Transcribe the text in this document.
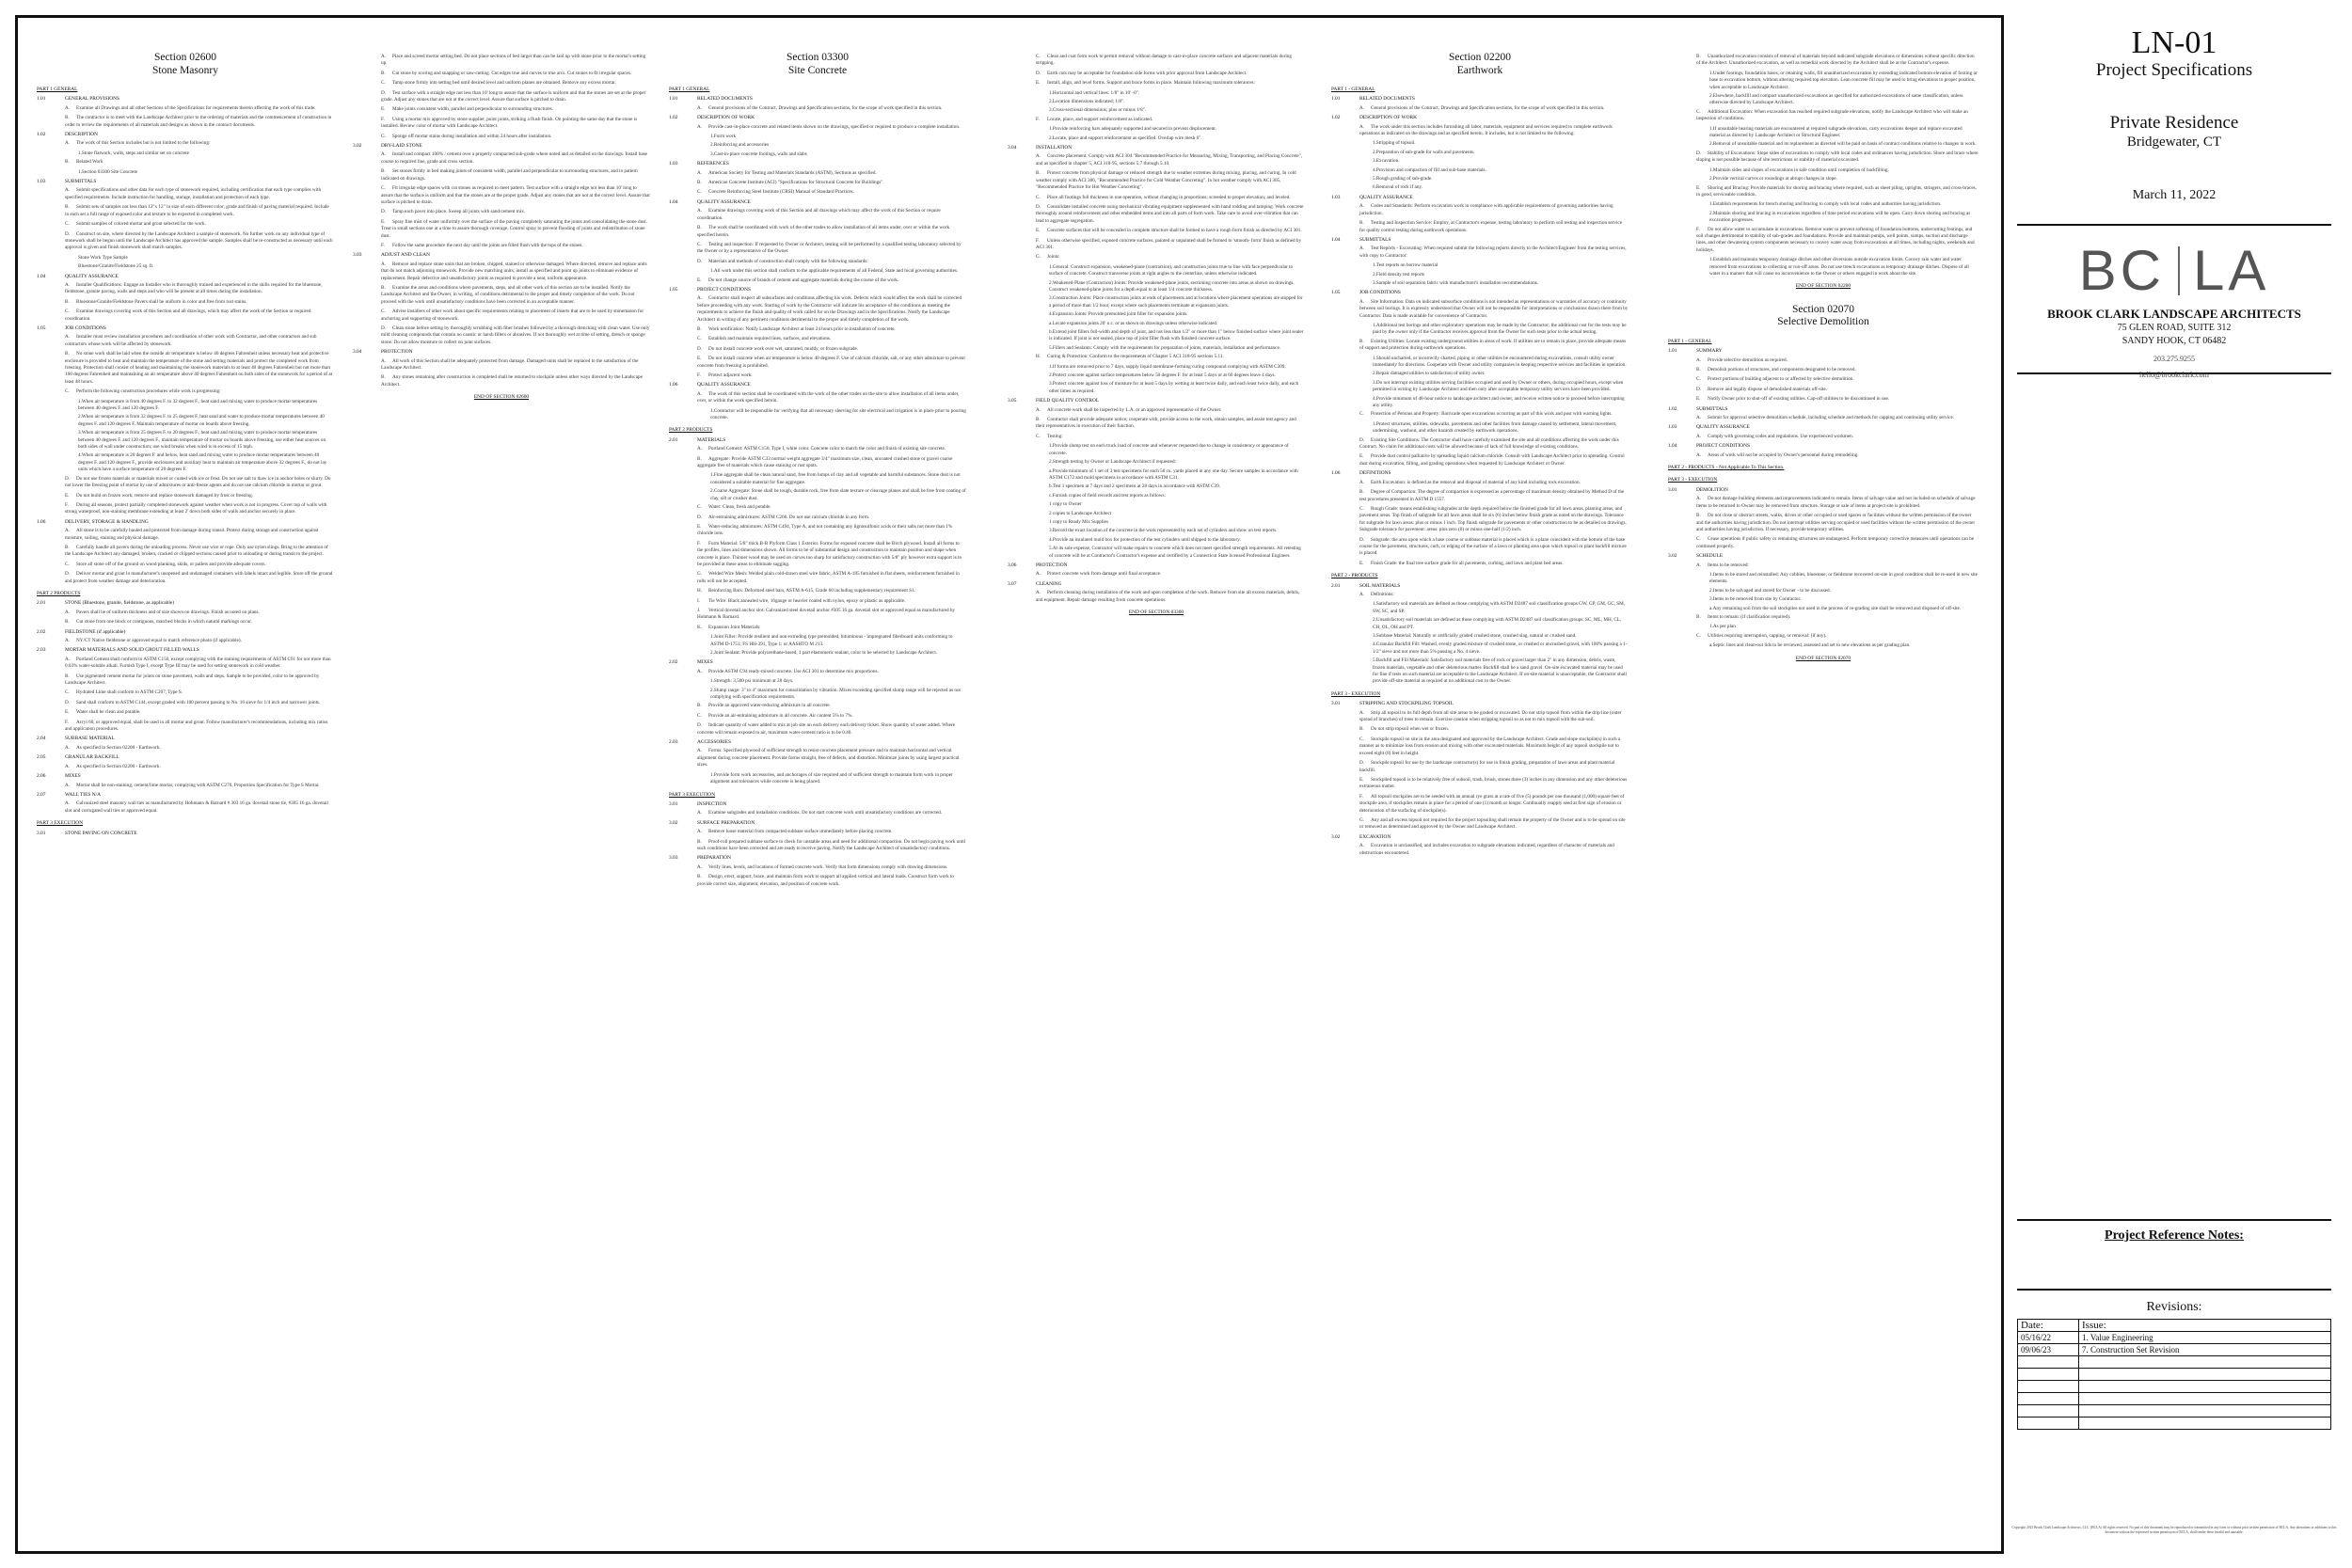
Section 02600
Stone Masonry
PART 1 GENERAL
1.01	GENERAL PROVISIONS
A. Examine all Drawings and all other Sections of the Specifications for requirements therein affecting the work of this trade.
B. The contractor is to meet with the Landscape Architect prior to the ordering of materials and the commencement of construction in order to review the requirements of all materials and designs as shown in the contract documents.
1.02	DESCRIPTION
A. The work of this Section includes but is not limited to the following:
1.Stone flatwork, walls, steps and similar set on concrete
B. Related Work
1.Section 03300 Site Concrete
1.03	SUBMITTALS
A. Submit specifications and other data for each type of stonework required, including certification that each type complies with specified requirements. Include instruction for handling, storage, installation and protection of each type.
B. Submit sets of samples not less than 12"x 12" in size of each different color, grade and finish of paving material required. Include in each set a full range of exposed color and texture to be expected in completed work.
C. Submit samples of colored mortar and grout selected for the work.
D. Construct on site, where directed by the Landscape Architect a sample of stonework. No further work on any individual type of stonework shall be begun until the Landscape Architect has approved the sample. Samples shall be re-constructed as necessary until each approval is given and finish stonework shall match samples.
Stone Work Type Sample
Bluestone/Granite/Fieldstone 25 sq. ft.
1.04	QUALITY ASSURANCE
A. Installer Qualifications: Engage an Installer who is thoroughly trained and experienced in the skills required for the bluestone, fieldstone, granite paving, walls and steps and who will be present at all times during the installation.
B. Bluestone/Granite/Fieldstone Pavers shall be uniform in color and free from rust stains.
C. Examine drawings covering work of this Section and all drawings, which may affect the work of the Section or required coordination.
1.05	JOB CONDITIONS
A. Installer must review installation procedures and coordination of other work with Contractor, and other contractors and sub contractors whose work will be affected by stonework.
B. No stone work shall be laid when the outside air temperature is below 40 degrees Fahrenheit unless necessary heat and protective enclosure is provided to heat and maintain the temperature of the stone and setting materials and protect the completed work from freezing. Protection shall consist of heating and maintaining the stonework materials to at least 40 degrees Fahrenheit but not more than 160 degrees Fahrenheit and maintaining an air temperature above 40 degrees Fahrenheit on both sides of the stonework for a period of at least 48 hours.
C. Perform the following construction procedures while work is progressing:
1.When air temperature is from 40 degrees F. to 32 degrees F., heat sand and mixing water to produce mortar temperatures between 40 degrees F. and 120 degrees F.
2.When air temperature is from 32 degrees F. to 25 degrees F. heat sand and water to produce mortar temperatures between 40 degrees F. and 120 degrees F. Maintain temperature of mortar on boards above freezing.
3.When air temperature is from 25 degrees F. to 20 degrees F., heat sand and mixing water to produce mortar temperatures between 40 degrees F. and 120 degrees F., maintain temperature of mortar on boards above freezing, use either heat sources on both sides of wall under construction; use wind breaks when wind is in excess of 15 mph.
4.When air temperature is 20 degrees F. and below, heat sand and mixing water to produce mortar temperatures between 40 degrees F. and 120 degrees F., provide enclosures and auxiliary heat to maintain air temperature above 32 degrees F., do not lay units which have a surface temperature of 20 degrees F.
D. Do not use frozen materials or materials mixed or coated with ice or frost. Do not use salt to thaw ice in anchor holes or slurry. Do not lower the freezing point of mortar by use of admixtures or anti-freeze agents and do not use calcium chloride in mortar or grout.
E. Do not build on frozen work; remove and replace stonework damaged by frost or freezing.
F. During all seasons, protect partially completed stonework against weather when work is not in progress. Cover top of walls with strong waterproof, non-staining membrane extending at least 2' down both sides of walls and anchor securely in place.
1.06	DELIVERY, STORAGE & HANDLING
A. All stone is to be carefully hauled and protected from damage during transit. Protect during storage and construction against moisture, soiling, staining and physical damage.
B. Carefully handle all pavers during the unloading process. Never use wire or rope. Only use nylon slings. Bring to the attention of the Landscape Architect any damaged, broken, cracked or chipped sections caused prior to unloading or during transit to the project.
C. Store all stone off of the ground on wood planking, skids, or pallets and provide adequate covers.
D. Deliver mortar and grout in manufacturer's unopened and undamaged containers with labels intact and legible. Store off the ground and protect from weather damage and deterioration.
PART 2 PRODUCTS
2.01	STONE (Bluestone, granite, fieldstone, as applicable)
A. Pavers shall be of uniform thickness and of size shown on drawings. Finish as noted on plans.
B. Cut stone from one block or contiguous, matched blocks in which natural markings occur.
2.02	FIELDSTONE (if applicable)
A. NY/CT Native fieldstone or approved equal to match reference photo (if applicable).
2.03	MORTAR MATERIALS AND SOLID GROUT FILLED WALLS
A. Portland Cement shall conform to ASTM C150, except complying with the staining requirements of ASTM C91 for not more than 0.03% water-soluble alkali. Furnish Type I, except Type III may be used for setting stonework in cold weather.
B. Use pigmented cement mortar for joints on stone pavement, walls and steps. Sample to be provided, color to be approved by Landscape Architect.
C. Hydrated Lime shall conform to ASTM C207, Type S.
D. Sand shall conform to ASTM C144, except graded with 100 percent passing to No. 16 sieve for 1/4 inch and narrower joints.
E. Water shall be clean and potable.
F. Acryl 60, or approved equal, shall be used in all mortar and grout. Follow manufacturer's recommendations, including mix ratios and application procedures.
2.04	SUBBASE MATERIAL
A. As specified in Section 02200 - Earthwork.
2.05	GRANULAR BACKFILL
A. As specified in Section 02200 - Earthwork.
2.06	MIXES
A. Mortar shall be non-staining, cement/lime mortar, complying with ASTM C270, Proportion Specification for Type S Mortar.
2.07	WALL TIES N/A
A. Galvanized steel masonry wall ties as manufactured by Hohmann & Barnard # 303 16 ga. dovetail stone tie, #305 16 ga. dovetail slot and corrugated wall ties or approved equal.
PART 3 EXECUTION
3.01	STONE PAVING ON CONCRETE
A. Place and screed mortar setting bed. Do not place sections of bed larger than can be laid up with stone prior to the mortar's setting up.
B. Cut stone by scoring and snapping or saw-cutting. Cut edges true and curves to true arcs. Cut stones to fit irregular spaces.
C. Tamp stone firmly into setting bed until desired level and uniform planes are obtained. Remove any excess mortar.
D. Test surface with a straight edge not less than 10' long to assure that the surface is uniform and that the stones are set at the proper grade. Adjust any stones that are not at the correct level. Assure that surface is pitched to drain.
E. Make joints consistent width, parallel and perpendicular to surrounding structures.
F. Using a mortar mix approved by stone supplier, point joints, striking a flush finish. On pointing the same day that the stone is installed. Review color of mortar with Landscape Architect.
G. Sponge off mortar stains during installation and within 24 hours after installation.
3.02	DRY-LAID STONE
A. Install and compact 100% / cement over a properly compacted sub-grade where noted and as detailed on the drawings. Install base course to required line, grade and cross section.
B. Set stones firmly in bed making joints of consistent width, parallel and perpendicular to surrounding structures, and in pattern indicated on drawings.
C. Fit irregular edge spaces with cut stones as required to meet pattern. Test surface with a straight edge not less than 10' long to assure that the surface is uniform and that the stones are at the proper grade. Adjust any stones that are not at the correct level. Assure that surface is pitched to drain.
D. Tamp each paver into place. Sweep all joints with sand/cement mix.
E. Spray fine mist of water uniformly over the surface of the paving completely saturating the joints and consolidating the stone dust. Treat in small sections one at a time to assure thorough coverage. Control spray to prevent flooding of joints and redistribution of stone dust.
F. Follow the same procedure the next day until the joints are filled flush with the tops of the stones.
3.03	ADJUST AND CLEAN
A. Remove and replace stone units that are broken, chipped, stained or otherwise damaged. Where directed, remove and replace units that do not match adjoining stonework. Provide new matching units; install as specified and point up joints to eliminate evidence of replacement. Repair defective and unsatisfactory joints as required to provide a neat, uniform appearance.
B. Examine the areas and conditions where pavements, steps, and all other work of this section are to be installed. Notify the Landscape Architect and the Owner, in writing, of conditions detrimental to the proper and timely completion of the work. Do not proceed with the work until unsatisfactory conditions have been corrected in an acceptable manner.
C. Advise installers of other work about specific requirements relating to placement of inserts that are to be used by stonemason for anchoring and supporting of stonework.
D. Clean stone before setting by thoroughly scrubbing with fiber brushes followed by a thorough drenching with clean water. Use only mild cleaning compounds that contain no caustic or harsh fillers or abrasives. If not thoroughly wet at time of setting, drench or sponge stone. Do not allow moisture to collect on joint surfaces.
3.04	PROTECTION
A. All work of this Section shall be adequately protected from damage. Damaged units shall be replaced to the satisfaction of the Landscape Architect.
B. Any stones remaining after construction is completed shall be returned to stockpile unless other ways directed by the Landscape Architect.
END OF SECTION 02600
Section 03300
Site Concrete
PART 1 GENERAL
1.01	RELATED DOCUMENTS
A. General provisions of the Contract, Drawings and Specification sections, for the scope of work specified in this section.
1.02	DESCRIPTION OF WORK
A. Provide cast-in-place concrete and related items shown on the drawings, specified or required to produce a complete installation.
1.Form work
2.Reinforcing and accessories
3.Cast-in-place concrete footings, walls and slabs
1.03	REFERENCES
A. American Society for Testing and Materials Standards (ASTM), Sections as specified.
B. American Concrete Institute (ACI) "Specifications for Structural Concrete for Buildings".
C. Concrete Reinforcing Steel Institute (CRSI) Manual of Standard Practices.
1.04	QUALITY ASSURANCE
A. Examine drawings covering work of this Section and all drawings which may affect the work of this Section or require coordination.
B. The work shall be coordinated with work of the other trades to allow installation of all items under, over or within the work specified herein.
C. Testing and inspection: If requested by Owner or Architect, testing will be performed by a qualified testing laboratory selected by the Owner or by a representative of the Owner.
D. Materials and methods of construction shall comply with the following standards:
1.All work under this section shall conform to the applicable requirements of all Federal, State and local governing authorities.
E. Do not change source of brands of cement and aggregate materials during the course of the work.
1.05	PROJECT CONDITIONS
A. Contractor shall inspect all subsurfaces and conditions affecting his work. Defects which would affect the work shall be corrected before proceeding with any work. Starting of work by the Contractor will indicate his acceptance of the conditions as meeting the requirements to achieve the finish and quality of work called for on the Drawings and in the Specifications. Notify the Landscape Architect in writing of any pertinent conditions detrimental to the proper and timely completion of the work.
B. Work notification: Notify Landscape Architect at least 24 hours prior to installation of concrete.
C. Establish and maintain required lines, surfaces, and elevations.
D. Do not install concrete work over wet, saturated, muddy, or frozen subgrade.
E. Do not install concrete when air temperature is below 40 degrees F. Use of calcium chloride, salt, or any other admixture to prevent concrete from freezing is prohibited.
F. Protect adjacent work.
1.06	QUALITY ASSURANCE
A. The work of this section shall be coordinated with the work of the other trades on the site to allow installation of all items under, over, or within the work specified herein.
1.Contractor will be responsible for verifying that all necessary sleeving for site electrical and irrigation is in place prior to pouring concrete.
PART 2 PRODUCTS
2.01	MATERIALS
A. Portland Cement: ASTM C150, Type I, white color. Concrete color to match the color and finish of existing site concrete.
B. Aggregate: Provide ASTM C33 normal weight aggregate 3/4" maximum size, clean, uncoated crushed stone or gravel coarse aggregate free of materials which cause staining or rust spots.
1.Fine aggregate shall be clean natural sand, free from lumps of clay and all vegetable and harmful substances. Stone dust is not considered a suitable material for fine aggregate.
2.Coarse Aggregate: Stone shall be tough, durable rock, free from slate texture or cleavage planes and shall be free from coating of clay, silt or crusher dust.
C. Water: Clean, fresh and potable.
D. Air-entraining admixtures: ASTM C260. Do not use calcium chloride in any form.
E. Water-reducing admixtures: ASTM C494, Type A, and not containing any lignosulfonic acids or their salts not more than 1% chloride ions.
F. Form Material: 5/8" thick B-B Plyform Class 1 Exterior. Forms for exposed concrete shall be Birch plywood. Install all forms to the profiles, lines and dimensions shown. All forms to be of substantial design and construction to maintain position and shape when concrete is place. Thinner wood may be used on curves too sharp for satisfactory construction with 5/8" ply however extra support is to be provided at these areas to eliminate sagging.
G. Welded Wire Mesh: Welded plain cold-drawn steel wire fabric, ASTM A-185 furnished in flat sheets, reinforcement furnished in rolls will not be accepted.
H. Reinforcing Bars: Deformed steel bars, ASTM A-615, Grade 60 including supplementary requirement S1.
I. Tie Wire: Black annealed wire, 16gauge or heavier coated with nylon, epoxy or plastic as applicable.
J. Vertical dovetail anchor slot: Galvanized steel dovetail anchor #305 16 ga. dovetail slot or approved equal as manufactured by Hohmann & Barnard.
K. Expansion Joint Materials:
1.Joint Filler: Provide resilient and non extruding type premolded, bituminous - impregnated fiberboard units conforming to ASTM D-1751; FS HH-391, Type 1; or AASHTO M 213.
2.Joint Sealant: Provide polyurethane-based, 1 part elastomeric sealant, color to be selected by Landscape Architect.
2.02	MIXES
A. Provide ASTM C94 ready-mixed concrete. Use ACI 301 to determine mix proportions.
1.Strength: 3,500 psi minimum at 28 days.
2.Slump range: 3" to 4" maximum for consolidation by vibration. Mixes exceeding specified slump range will be rejected as not complying with specification requirements.
B. Provide an approved water-reducing admixture in all concrete.
C. Provide an air-entraining admixture in all concrete. Air content 5% to 7%.
D. Indicate quantity of water added to mix at job site on each delivery each delivery ticket. Show quantity of water added. Where concrete will remain exposed to air, maximum water-cement ratio is to be 0.40.
2.03	ACCESSORIES
A. Forms: Specified plywood of sufficient strength to resist concrete placement pressure and to maintain horizontal and vertical alignment during concrete placement. Provide forms straight, free of defects, and distortion. Minimize joints by using largest practical sizes.
1.Provide form work accessories, and anchorages of size required and of sufficient strength to maintain form work in proper alignment and tolerances while concrete is being placed.
PART 3 EXECUTION
3.01	INSPECTION
A. Examine subgrades and installation conditions. Do not start concrete work until unsatisfactory conditions are corrected.
3.02	SURFACE PREPARATION
A. Remove loose material from compacted subbase surface immediately before placing concrete.
B. Proof-roll prepared subbase surface to check for unstable areas and need for additional compaction. Do not begin paving work until such conditions have been corrected and are ready to receive paving. Notify the Landscape Architect of unsatisfactory conditions.
3.03	PREPARATION
A. Verify lines, levels, and locations of formed concrete work. Verify that form dimensions comply with drawing dimensions.
B. Design, erect, support, brace, and maintain form work to support all applied vertical and lateral loads. Construct form work to provide correct size, alignment, elevation, and position of concrete work.
C. Clean and coat form work to permit removal without damage to cast-in-place concrete surfaces and adjacent materials during stripping.
D. Earth cuts may be acceptable for foundation side forms with prior approval from Landscape Architect.
E. Install, align, and level forms. Support and brace forms in place. Maintain following maximum tolerances:
1.Horizontal and vertical lines: 1/8" in 10' -0".
2.Location dimensions indicated; 1/8".
3.Cross-sectional dimensions; plus or minus 1/8".
F. Locate, place, and support reinforcement as indicated.
1.Provide reinforcing bars adequately supported and secured to prevent displacement.
2.Locate, place and support reinforcement as specified. Overlap wire mesh 6".
3.04	INSTALLATION
A. Concrete placement: Comply with ACI 304 "Recommended Practice for Measuring, Mixing, Transporting, and Placing Concrete", and as specified in chapter 5, ACI 318-95, sections 5.7 through 5.10.
B. Protect concrete from physical damage or reduced strength due to weather extremes during mixing, placing, and curing. In cold weather comply with ACI 306, "Recommended Practice for Cold Weather Concreting". In hot weather comply with ACI 305, "Recommended Practice for Hot Weather Concreting".
C. Place all footings full thickness in one operation, without changing in proportions; screeded to proper elevation; and leveled.
D. Consolidate installed concrete using mechanical vibrating equipment supplemented with hand rodding and tamping. Work concrete thoroughly around reinforcement and other embedded items and into all parts of form work. Take care to avoid over-vibration that can lead to aggregate segregation.
E. Concrete surfaces that will be concealed in complete structure shall be formed to have a rough form finish as directed by ACI 301.
F. Unless otherwise specified, exposed concrete surfaces, painted or unpainted shall be formed to 'smooth- form' finish as defined by ACI 301.
G. Joints:
1.General: Construct expansion, weakened-plane (contraction), and construction joints true to line with face perpendicular to surface of concrete. Construct transverse joints at right angles to the centerline, unless otherwise indicated.
2.Weakened-Plane (Contraction) Joints: Provide weakened-plane joints, sectioning concrete into areas as shown on drawings. Construct weakened-plane joints for a depth equal to at least 1/4 concrete thickness.
3.Construction Joints: Place construction joints at ends of placements and at locations where placement operations are stopped for a period of more than 1/2 hour, except where such placements terminate at expansion joints.
4.Expansion Joints: Provide premolded joint filler for expansion joints.
a.Locate expansion joints 20' o.c. or as shown on drawings unless otherwise indicated.
b.Extend joint fillers full-width and depth of joint, and not less than 1/2" or more than 1" below finished surface where joint sealer is indicated. If joint is not sealed, place top of joint filler flush with finished concrete surface.
5.Fillers and Sealants: Comply with the requirements for preparation of joints, materials, installation and performance.
H. Curing & Protection: Conform to the requirements of Chapter 5 ACI 318-95 sections 5.11.
1.If forms are removed prior to 7 days, supply liquid membrane-forming curing compound complying with ASTM C309.
2.Protect concrete against surface temperatures below 50 degrees F. for at least 5 days or at 60 degrees leave 4 days.
3.Protect concrete against loss of moisture for at least 5 days by wetting at least twice daily, and each least twice daily, and each other times as required.
3.05	FIELD QUALITY CONTROL
A. All concrete work shall be inspected by L.A. or an approved representative of the Owner.
B. Contractor shall provide adequate notice, cooperate with, provide access to the work, obtain samples, and assist test agency and their representatives in execution of their function.
C. Testing:
1.Provide slump test on each truck load of concrete and whenever requested due to change in consistency or appearance of concrete.
2.Strength testing by Owner or Landscape Architect if requested:
a.Provide minimum of 1 set of 3 test specimens for each 50 cu. yards placed in any one day. Secure samples in accordance with ASTM C172 and mold specimens in accordance with ASTM C31.
b.Test 1 specimen at 7 days and 2 specimens at 28 days in accordance with ASTM C39.
c.Furnish copies of field records and test reports as follows:
1 copy to Owner
2 copies to Landscape Architect
1 copy to Ready Mix Supplies
3.Record the exact location of the concrete in the work represented by each set of cylinders and show on test reports.
4.Provide an insulated mold box for protection of the test cylinders until shipped to the laboratory.
5.At its sole expense, Contractor will make repairs to concrete which does not meet specified strength requirements. All retesting of concrete will be at Contractor's Contractor's expense and certified by a Connecticut State licensed Professional Engineer.
3.06	PROTECTION
A. Protect concrete work from damage until final acceptance.
3.07	CLEANING
A. Perform cleaning during installation of the work and upon completion of the work. Remove from site all excess materials, debris, and equipment. Repair damage resulting from concrete operations.
END OF SECTION 03300
Section 02200
Earthwork
PART 1 - GENERAL
1.01	RELATED DOCUMENTS
A. General provisions of the Contract, Drawings and Specification sections, for the scope of work specified in this section.
1.02	DESCRIPTION OF WORK
A. The work under this section includes furnishing all labor, materials, equipment and services required to complete earthwork operations as indicated on the drawings and as specified herein. It includes, but is not limited to the following:
1.Stripping of topsoil.
2.Preparation of sub-grade for walls and pavements.
3.Excavation.
4.Provision and compaction of fill and sub-base materials.
5.Rough grading of sub-grade.
6.Removal of rock if any.
1.03	QUALITY ASSURANCE
A. Codes and Standards: Perform excavation work in compliance with applicable requirements of governing authorities having jurisdiction.
B. Testing and Inspection Service: Employ, at Contractor's expense, testing laboratory to perform soil testing and inspection service for quality control testing during earthwork operations.
1.04	SUBMITTALS
A. Test Reports - Excavating: When required submit the following reports directly to the Architect/Engineer from the testing services, with copy to Contractor:
1.Test reports on borrow material
2.Field density test reports
3.Sample of soil separation fabric with manufacturer's installation recommendations.
1.05	JOB CONDITIONS
A. Site Information: Data on indicated subsurface conditions is not intended as representations or warranties of accuracy or continuity between soil borings. It is expressly understood that Owner will not be responsible for interpretations or conclusions drawn there from by Contractor. Data is made available for convenience of Contractor.
1.Additional test borings and other exploratory operations may be made by the Contractor; the additional cost for the tests may be paid by the owner only if the Contractor receives approval from the Owner for such tests prior to the actual testing.
B. Existing Utilities: Locate existing underground utilities in areas of work. If utilities are to remain in place, provide adequate means of support and protection during earthwork operations.
1.Should uncharted, or incorrectly charted, piping or other utilities be encountered during excavations, consult utility owner immediately for directions. Cooperate with Owner and utility companies in keeping respective services and facilities in operation.
2.Repair damaged utilities to satisfaction of utility owner.
3.Do not interrupt existing utilities serving facilities occupied and used by Owner or others, during occupied hours, except when permitted in writing by Landscape Architect and then only after acceptable temporary utility services have been provided.
4.Provide minimum of 48-hour notice to landscape architect and owner, and receive written notice to proceed before interrupting any utility.
C. Protection of Persons and Property: Barricade open excavations occurring as part of this work and post with warning lights.
1.Protect structures, utilities, sidewalks, pavements and other facilities from damage caused by settlement, lateral movement, undermining, washout, and other hazards created by earthwork operations.
D. Existing Site Conditions: The Contractor shall have carefully examined the site and all conditions affecting the work under this Contract. No claim for additional costs will be allowed because of lack of full knowledge of existing conditions.
E. Provide dust control palliative by spreading liquid calcium chloride. Consult with Landscape Architect prior to spreading. Control dust during excavation, filling, and grading operations when requested by Landscape Architect or Owner.
1.06	DEFINITIONS
A. Earth Excavation: is defined as the removal and disposal of material of any kind including rock excavation.
B. Degree of Compaction: The degree of compaction is expressed as a percentage of maximum density obtained by Method D of the test procedures presented in ASTM D 1557.
C. Rough Grade: means establishing subgrades at the depth required below the finished grade for all lawn areas, planting areas, and pavement areas. Top finish of subgrade for all lawn areas shall be six (6) inches below finish grade as noted on the drawings. Tolerance for subgrade for lawn areas: plus or minus 1 inch. Top finish subgrade for pavements or other construction to be as detailed on drawings. Subgrade tolerance for pavement: areas: plus zero (0) or minus one-half (1/2) inch.
D. Subgrade: the area upon which a base course or subbase material is placed which is a plane coincident with the bottom of the base course for the pavement, structures, curb, or edging of the surface of a lawn or planting area upon which topsoil or plant backfill mixture is placed.
E. Finish Grade: the final tree surface grade for all pavements, curbing, and lawn and plant bed areas.
PART 2 - PRODUCTS
2.01	SOIL MATERIALS
A. Definitions:
1.Satisfactory soil materials are defined as those complying with ASTM D2487 soil classification groups GW, GP, GM, GC, SM, SW, SC, and SP.
2.Unsatisfactory soil materials are defined as those complying with ASTM D2487 soil classification groups: SC, ML, MH, CL, CH, OL, OH and PT.
3.Subbase Material: Naturally or artificially graded crushed stone, crushed slag, natural or crushed sand.
4.Granular Backfill Fill: Washed, evenly graded mixture of crushed stone, or crushed or uncrushed gravel, with 100% passing a 1-1/2" sieve and not more than 5% passing a No. 4 sieve.
5.Backfill and Fill Materials: Satisfactory soil materials free of rock or gravel larger than 2" in any dimension, debris, waste, frozen materials, vegetable and other deleterious matter. Backfill shall be a sand gravel. On-site excavated material may be used for fine if tests on such material are acceptable to the Landscape Architect. If on-site material is unacceptable, the Contractor shall provide off-site material as required at no additional cost to the Owner.
PART 3 - EXECUTION
3.01	STRIPPING AND STOCKPILING TOPSOIL
A. Strip all topsoil to its full depth from all site areas to be graded or excavated. Do not strip topsoil from within the drip line (outer spread of branches) of trees to remain. Exercise caution when stripping topsoil so as not to mix topsoil with the sub-soil.
B. Do not strip topsoil when wet or frozen.
C. Stockpile topsoil on site in the area designated and approved by the Landscape Architect. Grade and slope stockpile(s) in such a manner as to minimize loss from erosion and mixing with other excavated materials. Maximum height of any topsoil stockpile not to exceed eight (8) feet in height.
D. Stockpile topsoil for use by the landscape contractor(s) for use in finish grading, preparation of lawn areas and plant material backfill.
E. Stockpiled topsoil is to be relatively free of subsoil, trash, brush, stones three (3) inches in any dimension and any other deleterious extraneous matter.
F. All topsoil stockpiles are to be seeded with an annual rye grass at a rate of five (5) pounds per one thousand (1,000) square feet of stockpile area, if stockpiles remain in place for a period of one (1) month or longer. Continually reapply seed at first sign of erosion or deterioration of the surfacing of stockpile(s).
G. Any and all excess topsoil not required for the project topsoiling shall remain the property of the Owner and is to be spread on site or removed as determined and approved by the Owner and Landscape Architect.
3.02	EXCAVATION
A. Excavation is unclassified, and includes excavation to subgrade elevations indicated, regardless of character of materials and obstructions encountered.
B. Unauthorized excavation consists of removal of materials beyond indicated subgrade elevations or dimensions without specific direction of the Architect. Unauthorized excavation, as well as remedial work directed by the Architect shall be at the Contractor's expense.
1.Under footings, foundation bases, or retaining walls, fill unauthorized excavation by extending indicated bottom elevation of footing or base to excavation bottom, without altering required top elevation. Lean concrete fill may be used to bring elevations to proper position, when acceptable to Landscape Architect.
2.Elsewhere, backfill and compact unauthorized excavations as specified for authorized excavations of same classification, unless otherwise directed by Landscape Architect.
C. Additional Excavation: When excavation has reached required subgrade elevations, notify the Landscape Architect who will make an inspection of conditions.
1.If unsuitable bearing materials are encountered at required subgrade elevations, carry excavations deeper and replace excavated material as directed by Landscape Architect or Structural Engineer.
2.Removal of unsuitable material and its replacement as directed will be paid on basis of contract conditions relative to changes in work.
D. Stability of Excavations: Slope sides of excavations to comply with local codes and ordinances having jurisdiction. Shore and brace where sloping is not possible because of site restrictions or stability of material excavated.
1.Maintain sides and slopes of excavations in safe condition until completion of backfilling.
2.Provide vertical curves or roundings at abrupt changes in slope.
E. Shoring and Bracing: Provide materials for shoring and bracing where required, such as sheet piling, uprights, stringers, and cross-braces, in good, serviceable condition.
1.Establish requirements for trench shoring and bracing to comply with local codes and authorities having jurisdiction.
2.Maintain shoring and bracing in excavations regardless of time period excavations will be open. Carry down shoring and bracing as excavation progresses.
F. Do not allow water to accumulate in excavations. Remove water to prevent softening of foundation bottoms, undercutting footings, and soil changes detrimental to stability of sub-grades and foundations. Provide and maintain pumps, well points, sumps, suction and discharge lines, and other dewatering system components necessary to convey water away from excavations at all times, including nights, weekends and holidays.
1.Establish and maintain temporary drainage ditches and other diversions outside excavation limits. Convey rain water and water removed from excavations to collecting or run-off areas. Do not use trench excavations as temporary drainage ditches. Dispose of all water in a manner that will cause no inconvenience to the Owner or others engaged in work about the site.
END OF SECTION 02200
Section 02070
Selective Demolition
PART 1 - GENERAL
1.01	SUMMARY
A. Provide selective demolition as required.
B. Demolish portions of structures, and components designated to be removed.
C. Protect portions of building adjacent to or affected by selective demolition.
D. Remove and legally dispose of demolished materials off-site.
E. Notify Owner prior to shut-off of existing utilities. Cap-off utilities to be discontinued in use.
1.02	SUBMITTALS
A. Submit for approval selective demolition schedule, including schedule and methods for capping and continuing utility service.
1.03	QUALITY ASSURANCE
A. Comply with governing codes and regulations. Use experienced workmen.
1.04	PROJECT CONDITIONS
A. Areas of work will not be occupied by Owner's personnel during remodeling.
PART 2 - PRODUCTS - Not Applicable To This Section.
PART 3 - EXECUTION
3.01	DEMOLITION
A. Do not damage building elements and improvements indicated to remain. Items of salvage value and not included on schedule of salvage items to be returned to Owner may be removed from structure. Storage or sale of items at project site is prohibited.
B. Do not close or obstruct streets, walks, drives or other occupied or used spaces or facilities without the written permission of the owner and the authorities having jurisdiction. Do not interrupt utilities serving occupied or used facilities without the written permission of the owner and authorities having jurisdiction. If necessary, provide temporary utilities.
C. Cease operations if public safety or remaining structures are endangered. Perform temporary corrective measures until operations can be continued properly.
3.02	SCHEDULE
A. Items to be removed:
1.Items to be stored and reinstalled: Any cobbles, bluestone, or fieldstone recovered on-site in good condition shall be re-used in new site elements.
2.Items to be salvaged and stored for Owner - to be discussed.
3.Items to be removed from site by Contractor.
a.Any remaining soil from the soil stockpiles not used in the process of re-grading site shall be removed and disposed of off-site.
B. Items to remain: (if clarification required).
1.As per plan.
C. Utilities requiring interruption, capping, or removal: (if any).
a.Septic lines and clean-out lids to be reviewed, assessed and set to new elevations as per grading plan.
END OF SECTION 02070
LN-01
Project Specifications
Private Residence
Bridgewater, CT
March 11, 2022
BC LA
BROOK CLARK LANDSCAPE ARCHITECTS
75 GLEN ROAD, SUITE 312
SANDY HOOK, CT 06482
203.275.9255
hello@brookclark.com
Project Reference Notes:
Revisions:
Date:	Issue:
05/16/22	1. Value Engineering
09/06/23	7. Construction Set Revision

Copyright 2023 Brook Clark Landscape Architects, LLC. (BCLA) All rights reserved. No part of this document may be reproduced or transmitted in any form or without prior written permission of BCLA. Any alterations or additions to this document without the expressed written permission of BCLA, shall render these invalid and unusable.
